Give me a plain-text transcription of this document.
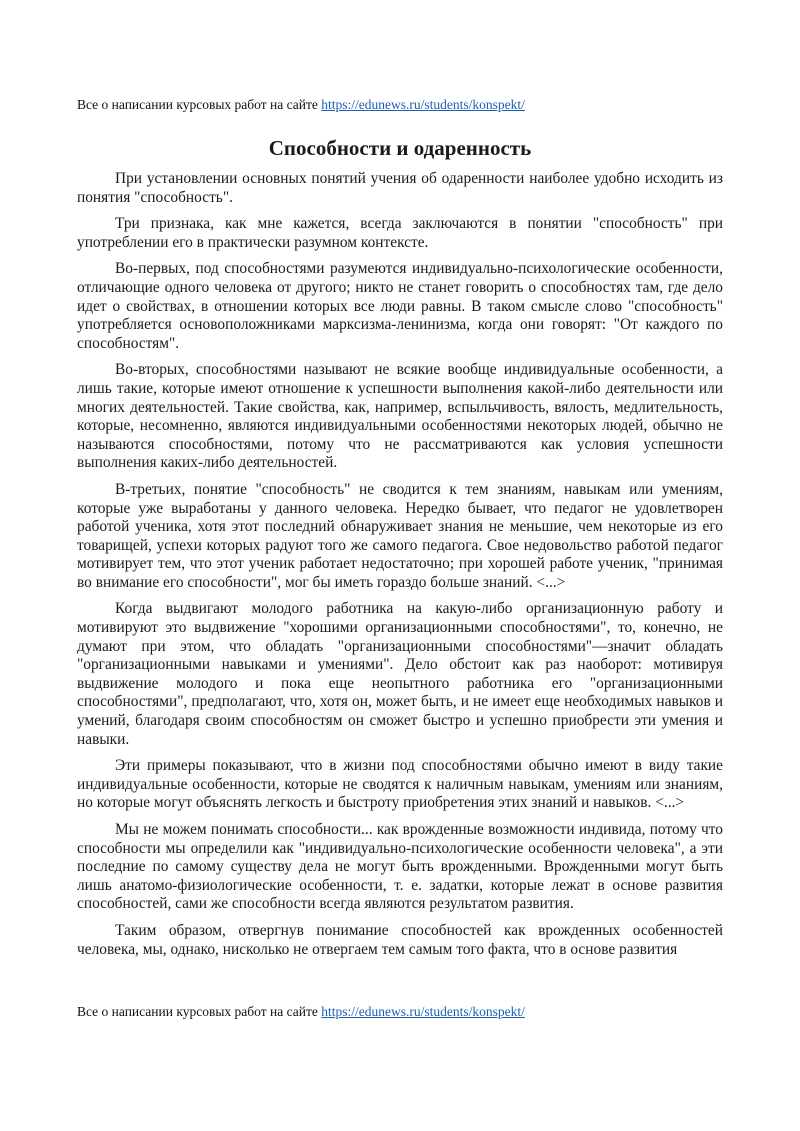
Все о написании курсовых работ на сайте https://edunews.ru/students/konspekt/
Способности и одаренность

При установлении основных понятий учения об одаренности наиболее удобно исходить из понятия "способность".

Три признака, как мне кажется, всегда заключаются в понятии "способность" при употреблении его в практически разумном контексте.

Во-первых, под способностями разумеются индивидуально-психологические особенности, отличающие одного человека от другого; никто не станет говорить о способностях там, где дело идет о свойствах, в отношении которых все люди равны. В таком смысле слово "способность" употребляется основоположниками марксизма-ленинизма, когда они говорят: "От каждого по способностям".

Во-вторых, способностями называют не всякие вообще индивидуальные особенности, а лишь такие, которые имеют отношение к успешности выполнения какой-либо деятельности или многих деятельностей. Такие свойства, как, например, вспыльчивость, вялость, медлительность, которые, несомненно, являются индивидуальными особенностями некоторых людей, обычно не называются способностями, потому что не рассматриваются как условия успешности выполнения каких-либо деятельностей.

В-третьих, понятие "способность" не сводится к тем знаниям, навыкам или умениям, которые уже выработаны у данного человека. Нередко бывает, что педагог не удовлетворен работой ученика, хотя этот последний обнаруживает знания не меньшие, чем некоторые из его товарищей, успехи которых радуют того же самого педагога. Свое недовольство работой педагог мотивирует тем, что этот ученик работает недостаточно; при хорошей работе ученик, "принимая во внимание его способности", мог бы иметь гораздо больше знаний. <...>

Когда выдвигают молодого работника на какую-либо организационную работу и мотивируют это выдвижение "хорошими организационными способностями", то, конечно, не думают при этом, что обладать "организационными способностями"—значит обладать "организационными навыками и умениями". Дело обстоит как раз наоборот: мотивируя выдвижение молодого и пока еще неопытного работника его "организационными способностями", предполагают, что, хотя он, может быть, и не имеет еще необходимых навыков и умений, благодаря своим способностям он сможет быстро и успешно приобрести эти умения и навыки.

Эти примеры показывают, что в жизни под способностями обычно имеют в виду такие индивидуальные особенности, которые не сводятся к наличным навыкам, умениям или знаниям, но которые могут объяснять легкость и быстроту приобретения этих знаний и навыков. <...>

Мы не можем понимать способности... как врожденные возможности индивида, потому что способности мы определили как "индивидуально-психологические особенности человека", а эти последние по самому существу дела не могут быть врожденными. Врожденными могут быть лишь анатомо-физиологические особенности, т. е. задатки, которые лежат в основе развития способностей, сами же способности всегда являются результатом развития.

Таким образом, отвергнув понимание способностей как врожденных особенностей человека, мы, однако, нисколько не отвергаем тем самым того факта, что в основе развития

Все о написании курсовых работ на сайте https://edunews.ru/students/konspekt/
